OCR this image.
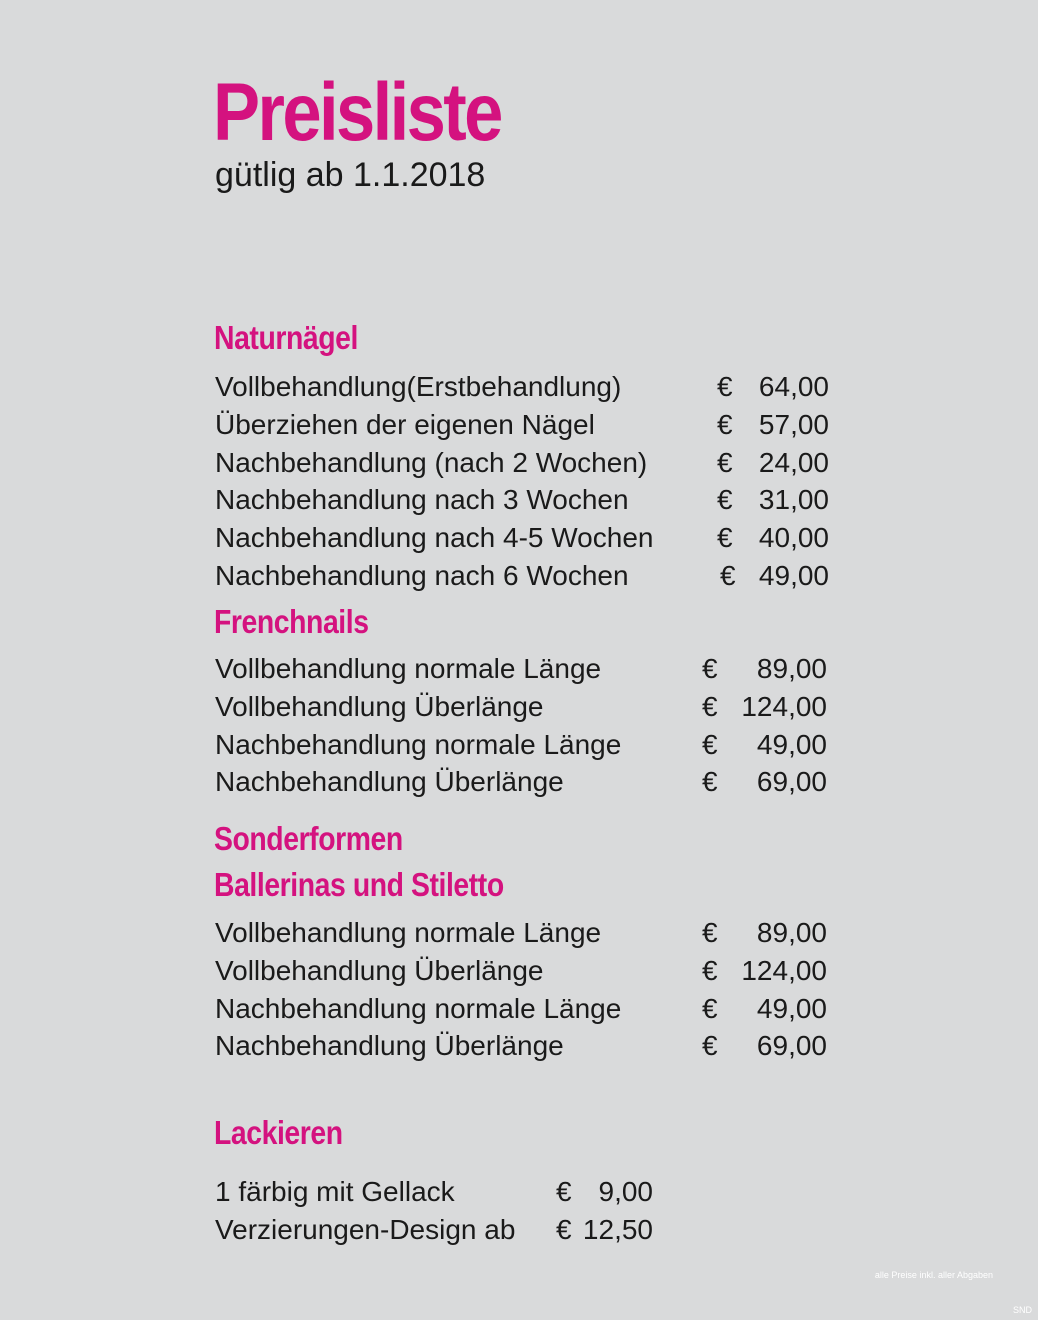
Preisliste
gütlig ab 1.1.2018
Naturnägel
Vollbehandlung(Erstbehandlung)	€ 64,00
Überziehen der eigenen Nägel	€ 57,00
Nachbehandlung (nach 2 Wochen) € 24,00
Nachbehandlung nach 3 Wochen	€ 31,00
Nachbehandlung nach 4-5 Wochen € 40,00
Nachbehandlung nach 6 Wochen	€ 49,00
Frenchnails
Vollbehandlung normale Länge	€	89,00
Vollbehandlung Überlänge	€ 124,00
Nachbehandlung normale Länge	€	49,00
Nachbehandlung Überlänge	€	69,00
Sonderformen
Ballerinas und Stiletto
Vollbehandlung normale Länge	€	89,00
Vollbehandlung Überlänge	€ 124,00
Nachbehandlung normale Länge	€	49,00
Nachbehandlung Überlänge	€	69,00
Lackieren
1 färbig mit Gellack	€ 9,00
Verzierungen-Design ab € 12,50
alle Preise inkl. aller Abgaben
SND
